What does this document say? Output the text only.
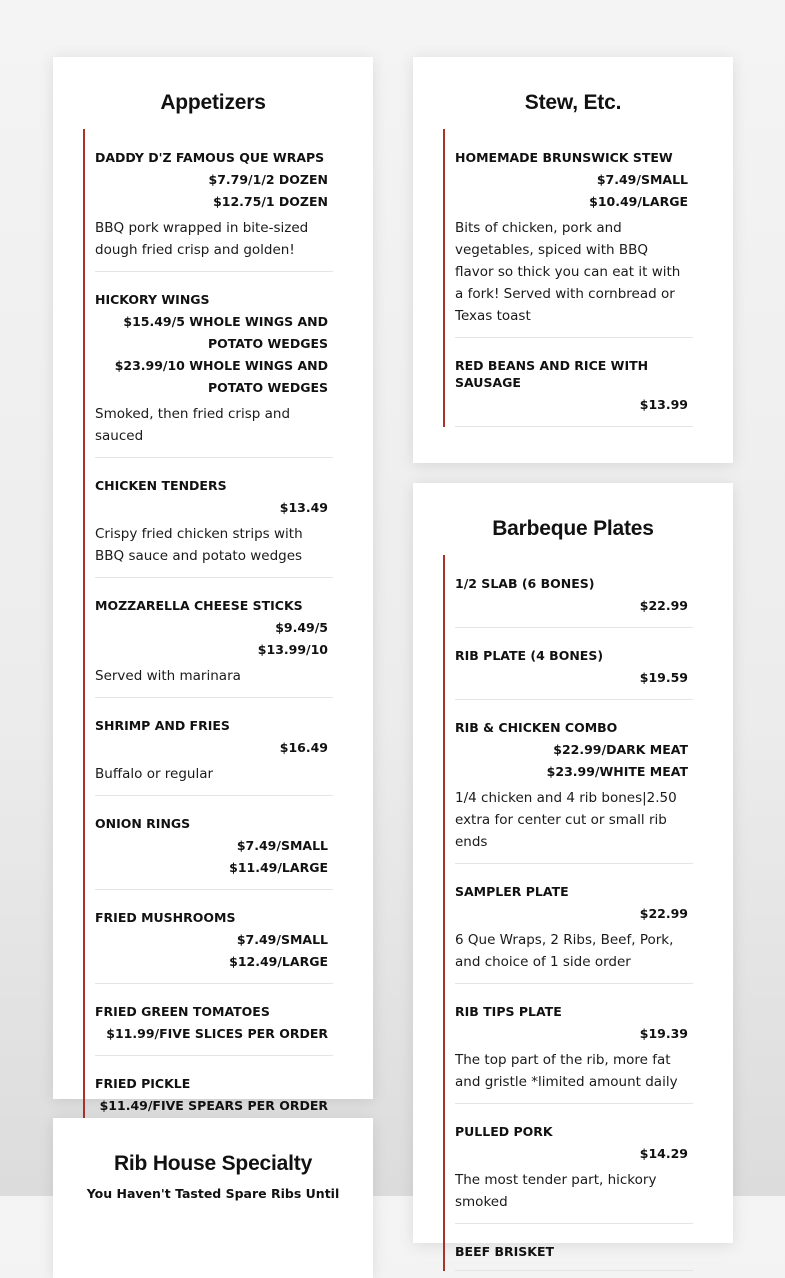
Appetizers
DADDY D'Z FAMOUS QUE WRAPS
$7.79/1/2 DOZEN
$12.75/1 DOZEN
BBQ pork wrapped in bite-sized dough fried crisp and golden!
HICKORY WINGS
$15.49/5 WHOLE WINGS AND POTATO WEDGES
$23.99/10 WHOLE WINGS AND POTATO WEDGES
Smoked, then fried crisp and sauced
CHICKEN TENDERS
$13.49
Crispy fried chicken strips with BBQ sauce and potato wedges
MOZZARELLA CHEESE STICKS
$9.49/5
$13.99/10
Served with marinara
SHRIMP AND FRIES
$16.49
Buffalo or regular
ONION RINGS
$7.49/SMALL
$11.49/LARGE
FRIED MUSHROOMS
$7.49/SMALL
$12.49/LARGE
FRIED GREEN TOMATOES
$11.99/FIVE SLICES PER ORDER
FRIED PICKLE
$11.49/FIVE SPEARS PER ORDER
Stew, Etc.
HOMEMADE BRUNSWICK STEW
$7.49/SMALL
$10.49/LARGE
Bits of chicken, pork and vegetables, spiced with BBQ flavor so thick you can eat it with a fork! Served with cornbread or Texas toast
RED BEANS AND RICE WITH SAUSAGE
$13.99
Barbeque Plates
1/2 SLAB (6 BONES)
$22.99
RIB PLATE (4 BONES)
$19.59
RIB & CHICKEN COMBO
$22.99/DARK MEAT
$23.99/WHITE MEAT
1/4 chicken and 4 rib bones|2.50 extra for center cut or small rib ends
SAMPLER PLATE
$22.99
6 Que Wraps, 2 Ribs, Beef, Pork, and choice of 1 side order
RIB TIPS PLATE
$19.39
The top part of the rib, more fat and gristle *limited amount daily
PULLED PORK
$14.29
The most tender part, hickory smoked
BEEF BRISKET
Rib House Specialty
You Haven't Tasted Spare Ribs Until
